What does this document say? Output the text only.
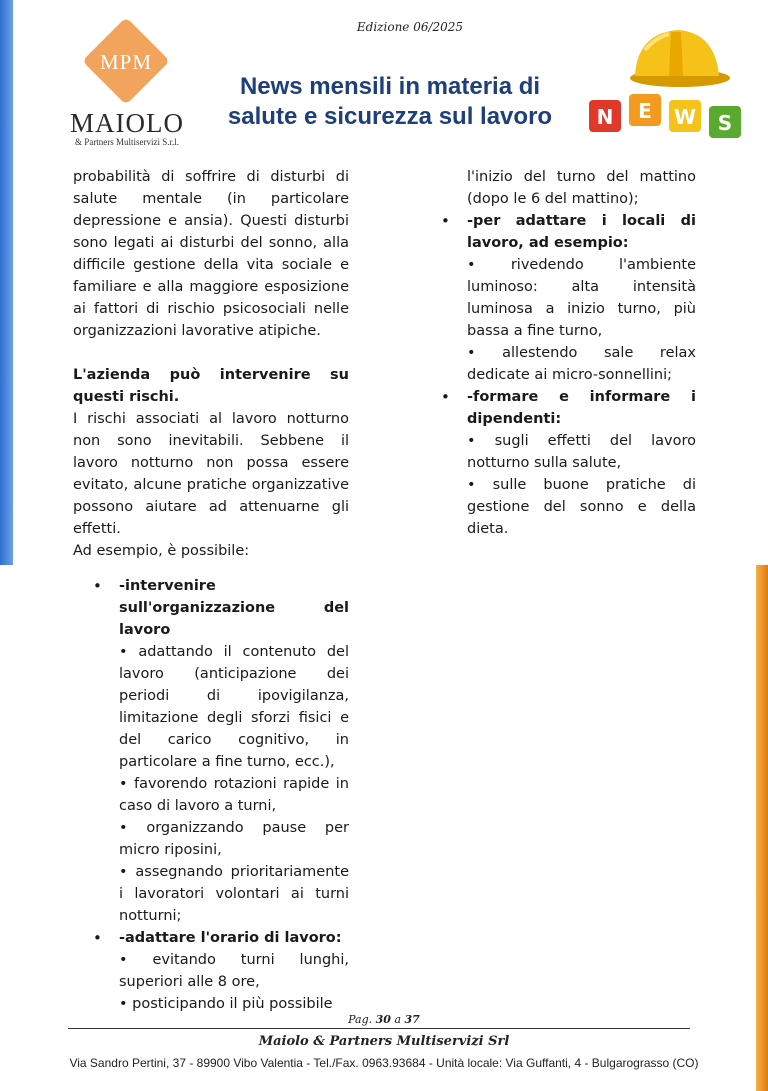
Edizione 06/2025
MPM
MAIOLO
& Partners Multiservizi S.r.l.
News mensili in materia di
salute e sicurezza sul lavoro	N E W S

probabilità di soffrire di disturbi di salute mentale (in particolare depressione e ansia). Questi disturbi sono legati ai disturbi del sonno, alla difficile gestione della vita sociale e familiare e alla maggiore esposizione ai fattori di rischio psicosociali nelle organizzazioni lavorative atipiche.

L'azienda può intervenire su questi rischi.

I rischi associati al lavoro notturno non sono inevitabili. Sebbene il lavoro notturno non possa essere evitato, alcune pratiche organizzative possono aiutare ad attenuarne gli effetti.

Ad esempio, è possibile:

• -intervenire sull'organizzazione del lavoro
• adattando il contenuto del lavoro (anticipazione dei periodi di ipovigilanza, limitazione degli sforzi fisici e del carico cognitivo, in particolare a fine turno, ecc.),
• favorendo rotazioni rapide in caso di lavoro a turni,
• organizzando pause per micro riposini,
• assegnando prioritariamente i lavoratori volontari ai turni notturni;
• -adattare l'orario di lavoro:
• evitando turni lunghi, superiori alle 8 ore,
• posticipando il più possibile

l'inizio del turno del mattino (dopo le 6 del mattino);

• -per adattare i locali di lavoro, ad esempio:
• rivedendo l'ambiente luminoso: alta intensità luminosa a inizio turno, più bassa a fine turno,
• allestendo sale relax dedicate ai micro-sonnellini;
• -formare e informare i dipendenti:
• sugli effetti del lavoro notturno sulla salute,
• sulle buone pratiche di gestione del sonno e della dieta.
Pag. 30 a 37
Maiolo & Partners Multiservizi Srl
Via Sandro Pertini, 37 - 89900 Vibo Valentia - Tel./Fax. 0963.93684 - Unità locale: Via Guffanti, 4 - Bulgarograsso (CO)
